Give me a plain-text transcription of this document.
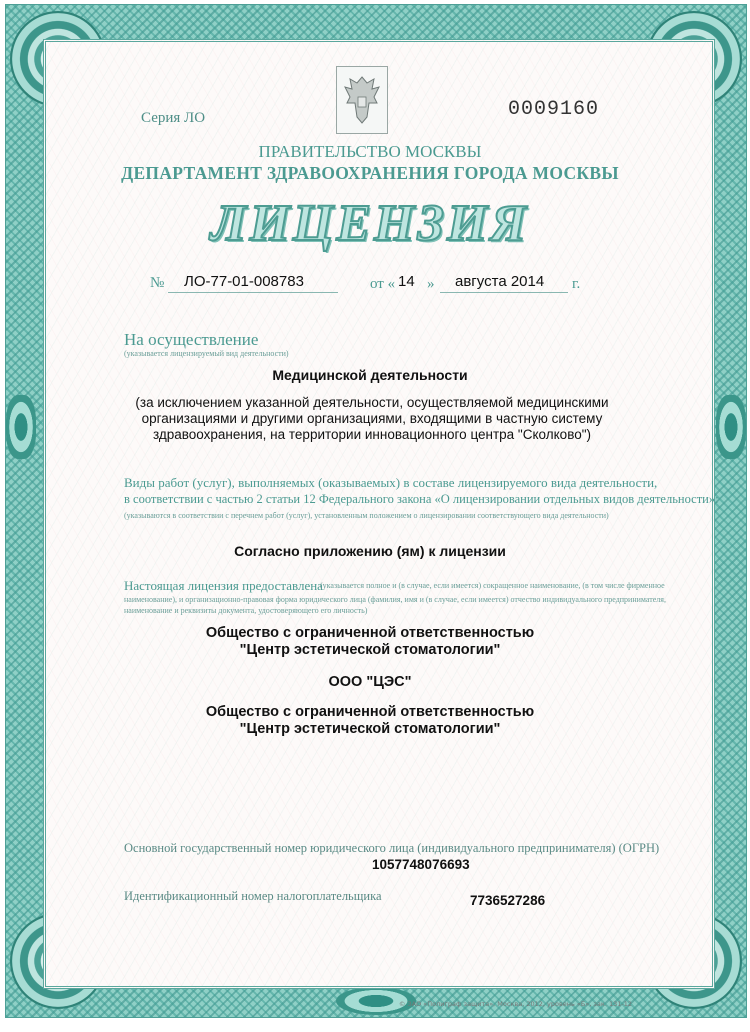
Серия ЛО	0009160
ПРАВИТЕЛЬСТВО МОСКВЫ
ДЕПАРТАМЕНТ ЗДРАВООХРАНЕНИЯ ГОРОДА МОСКВЫ
ЛИЦЕНЗИЯ
№ ЛО-77-01-008783	от « 14 » августа 2014 г.
На осуществление
(указывается лицензируемый вид деятельности)
Медицинской деятельности
(за исключением указанной деятельности, осуществляемой медицинскими организациями и другими организациями, входящими в частную систему здравоохранения, на территории инновационного центра "Сколково")
Виды работ (услуг), выполняемых (оказываемых) в составе лицензируемого вида деятельности,
в соответствии с частью 2 статьи 12 Федерального закона «О лицензировании отдельных видов деятельности»:
(указываются в соответствии с перечнем работ (услуг), установленным положением о лицензировании соответствующего вида деятельности)
Согласно приложению (ям) к лицензии
Настоящая лицензия предоставлена
(указывается полное и (в случае, если имеется) сокращенное наименование, (в том числе фирменное
наименование), и организационно-правовая форма юридического лица (фамилия, имя и (в случае, если имеется) отчество индивидуального предпринимателя,
наименование и реквизиты документа, удостоверяющего его личность)
Общество с ограниченной ответственностью
"Центр эстетической стоматологии"
ООО "ЦЭС"
Общество с ограниченной ответственностью
"Центр эстетической стоматологии"
Основной государственный номер юридического лица (индивидуального предпринимателя) (ОГРН)
1057748076693
Идентификационный номер налогоплательщика	7736527286
© ЗАО «Полиграф защита», Москва, 2012, уровень «Б», зак. 131-12
